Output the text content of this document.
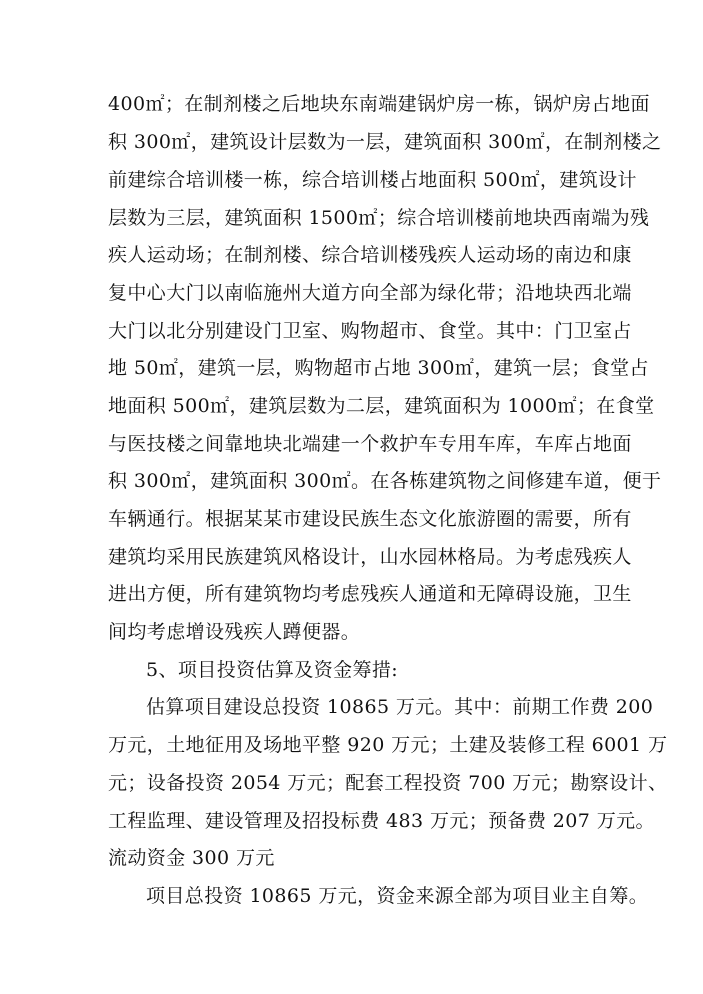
400㎡；在制剂楼之后地块东南端建锅炉房一栋，锅炉房占地面
积 300㎡，建筑设计层数为一层，建筑面积 300㎡，在制剂楼之
前建综合培训楼一栋，综合培训楼占地面积 500㎡，建筑设计
层数为三层，建筑面积 1500㎡；综合培训楼前地块西南端为残
疾人运动场；在制剂楼、综合培训楼残疾人运动场的南边和康
复中心大门以南临施州大道方向全部为绿化带；沿地块西北端
大门以北分别建设门卫室、购物超市、食堂。其中：门卫室占
地 50㎡，建筑一层，购物超市占地 300㎡，建筑一层；食堂占
地面积 500㎡，建筑层数为二层，建筑面积为 1000㎡；在食堂
与医技楼之间靠地块北端建一个救护车专用车库，车库占地面
积 300㎡，建筑面积 300㎡。在各栋建筑物之间修建车道，便于
车辆通行。根据某某市建设民族生态文化旅游圈的需要，所有
建筑均采用民族建筑风格设计，山水园林格局。为考虑残疾人
进出方便，所有建筑物均考虑残疾人通道和无障碍设施，卫生
间均考虑增设残疾人蹲便器。
5、项目投资估算及资金筹措:
估算项目建设总投资 10865 万元。其中：前期工作费 200
万元，土地征用及场地平整 920 万元；土建及装修工程 6001 万
元；设备投资 2054 万元；配套工程投资 700 万元；勘察设计、
工程监理、建设管理及招投标费 483 万元；预备费 207 万元。
流动资金 300 万元
项目总投资 10865 万元，资金来源全部为项目业主自筹。
